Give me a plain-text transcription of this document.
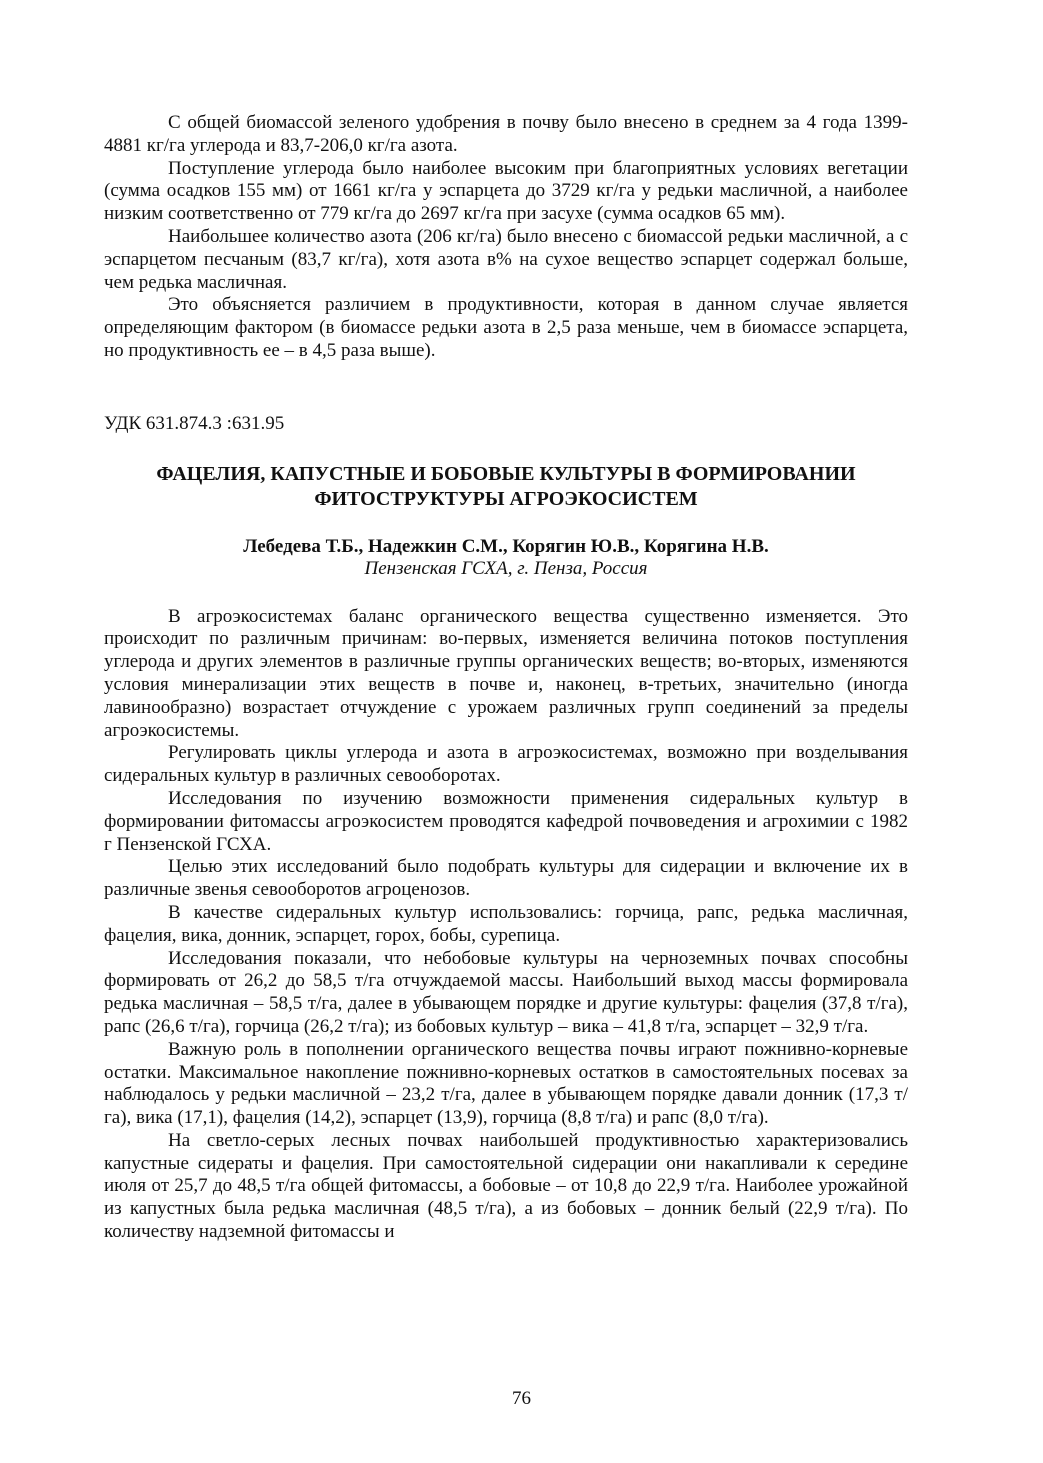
С общей биомассой зеленого удобрения в почву было внесено в среднем за 4 года 1399-4881 кг/га углерода и 83,7-206,0 кг/га азота.

Поступление углерода было наиболее высоким при благоприятных условиях вегетации (сумма осадков 155 мм) от 1661 кг/га у эспарцета до 3729 кг/га у редьки масличной, а наиболее низким соответственно от 779 кг/га до 2697 кг/га при засухе (сумма осадков 65 мм).

Наибольшее количество азота (206 кг/га) было внесено с биомассой редьки масличной, а с эспарцетом песчаным (83,7 кг/га), хотя азота в% на сухое вещество эспарцет содержал больше, чем редька масличная.

Это объясняется различием в продуктивности, которая в данном случае является определяющим фактором (в биомассе редьки азота в 2,5 раза меньше, чем в биомассе эспарцета, но продуктивность ее – в 4,5 раза выше).

УДК 631.874.3 :631.95
ФАЦЕЛИЯ, КАПУСТНЫЕ И БОБОВЫЕ КУЛЬТУРЫ В ФОРМИРОВАНИИ ФИТОСТРУКТУРЫ АГРОЭКОСИСТЕМ
Лебедева Т.Б., Надежкин С.М., Корягин Ю.В., Корягина Н.В.
Пензенская ГСХА, г. Пенза, Россия

В агроэкосистемах баланс органического вещества существенно изменяется. Это происходит по различным причинам: во-первых, изменяется величина потоков поступления углерода и других элементов в различные группы органических веществ; во-вторых, изменяются условия минерализации этих веществ в почве и, наконец, в-третьих, значительно (иногда лавинообразно) возрастает отчуждение с урожаем различных групп соединений за пределы агроэкосистемы.

Регулировать циклы углерода и азота в агроэкосистемах, возможно при возделывания сидеральных культур в различных севооборотах.

Исследования по изучению возможности применения сидеральных культур в формировании фитомассы агроэкосистем проводятся кафедрой почвоведения и агрохимии с 1982 г Пензенской ГСХА.

Целью этих исследований было подобрать культуры для сидерации и включение их в различные звенья севооборотов агроценозов.

В качестве сидеральных культур использовались: горчица, рапс, редька масличная, фацелия, вика, донник, эспарцет, горох, бобы, сурепица.

Исследования показали, что небобовые культуры на черноземных почвах способны формировать от 26,2 до 58,5 т/га отчуждаемой массы. Наибольший выход массы формировала редька масличная – 58,5 т/га, далее в убывающем порядке и другие культуры: фацелия (37,8 т/га), рапс (26,6 т/га), горчица (26,2 т/га); из бобовых культур – вика – 41,8 т/га, эспарцет – 32,9 т/га.

Важную роль в пополнении органического вещества почвы играют пожнивно-корневые остатки. Максимальное накопление пожнивно-корневых остатков в самостоятельных посевах за наблюдалось у редьки масличной – 23,2 т/га, далее в убывающем порядке давали донник (17,3 т/га), вика (17,1), фацелия (14,2), эспарцет (13,9), горчица (8,8 т/га) и рапс (8,0 т/га).

На светло-серых лесных почвах наибольшей продуктивностью характеризовались капустные сидераты и фацелия. При самостоятельной сидерации они накапливали к середине июля от 25,7 до 48,5 т/га общей фитомассы, а бобовые – от 10,8 до 22,9 т/га. Наиболее урожайной из капустных была редька масличная (48,5 т/га), а из бобовых – донник белый (22,9 т/га). По количеству надземной фитомассы и

76
